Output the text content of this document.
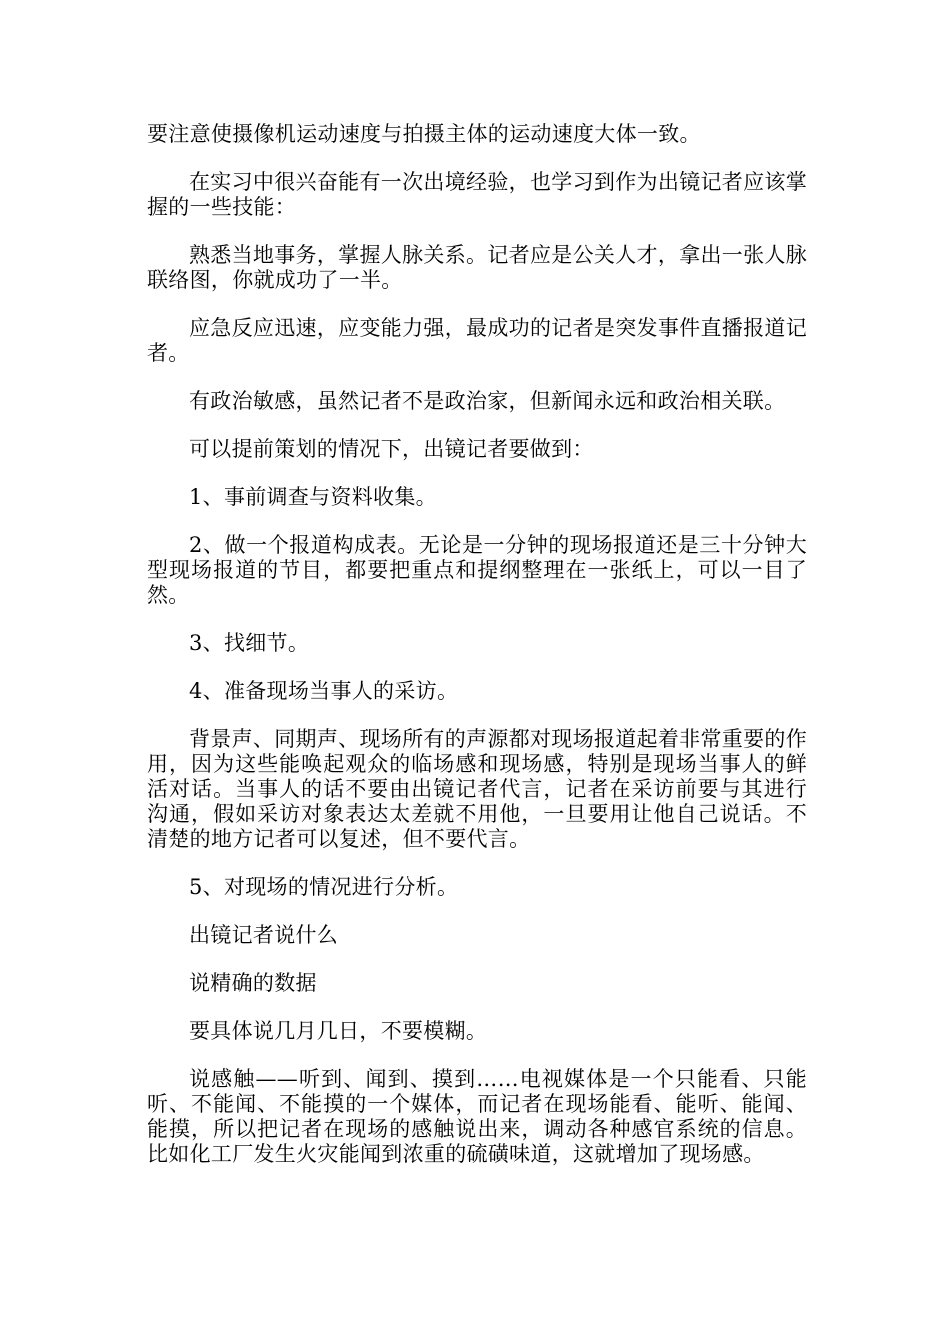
要注意使摄像机运动速度与拍摄主体的运动速度大体一致。

在实习中很兴奋能有一次出境经验，也学习到作为出镜记者应该掌握的一些技能：

熟悉当地事务，掌握人脉关系。记者应是公关人才，拿出一张人脉联络图，你就成功了一半。

应急反应迅速，应变能力强，最成功的记者是突发事件直播报道记者。

有政治敏感，虽然记者不是政治家，但新闻永远和政治相关联。

可以提前策划的情况下，出镜记者要做到：

1、事前调查与资料收集。

2、做一个报道构成表。无论是一分钟的现场报道还是三十分钟大型现场报道的节目，都要把重点和提纲整理在一张纸上，可以一目了然。

3、找细节。

4、准备现场当事人的采访。

背景声、同期声、现场所有的声源都对现场报道起着非常重要的作用，因为这些能唤起观众的临场感和现场感，特别是现场当事人的鲜活对话。当事人的话不要由出镜记者代言，记者在采访前要与其进行沟通，假如采访对象表达太差就不用他，一旦要用让他自己说话。不清楚的地方记者可以复述，但不要代言。

5、对现场的情况进行分析。

出镜记者说什么

说精确的数据

要具体说几月几日，不要模糊。

说感触——听到、闻到、摸到……电视媒体是一个只能看、只能听、不能闻、不能摸的一个媒体，而记者在现场能看、能听、能闻、能摸，所以把记者在现场的感触说出来，调动各种感官系统的信息。比如化工厂发生火灾能闻到浓重的硫磺味道，这就增加了现场感。
